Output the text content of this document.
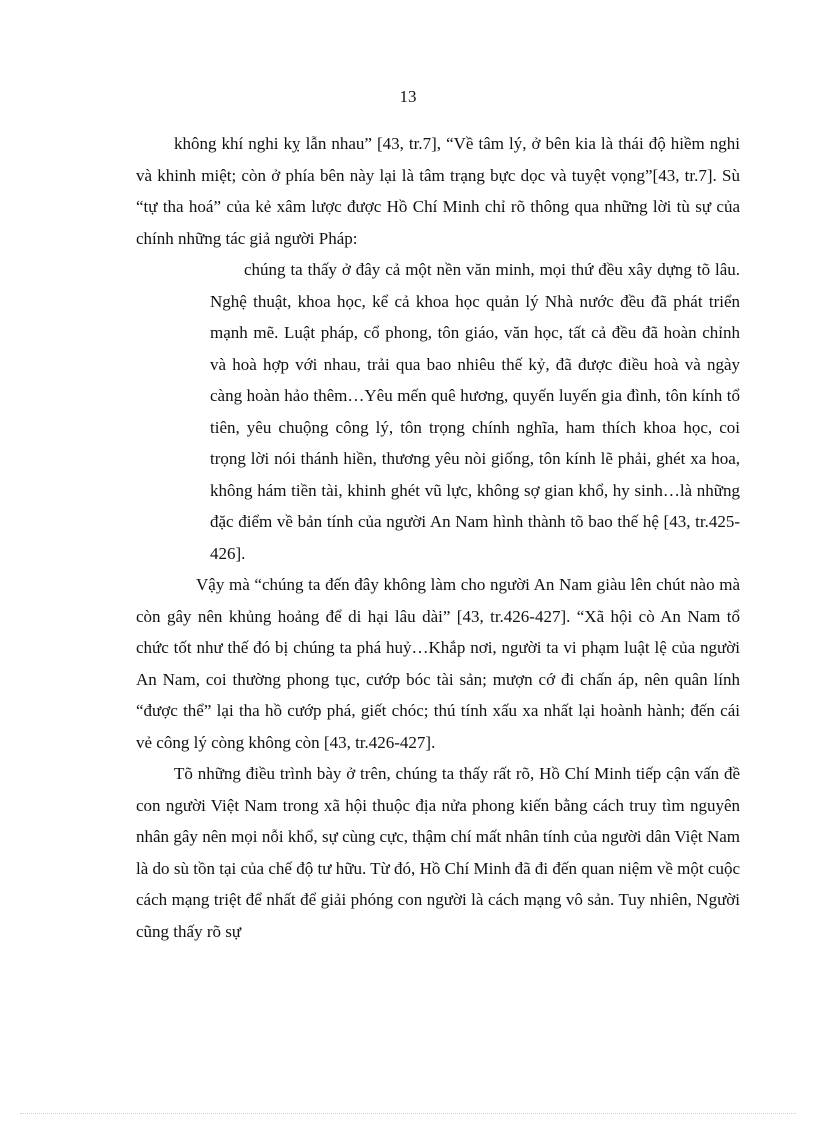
13

không khí nghi kỵ lẫn nhau” [43, tr.7], “Về tâm lý, ở bên kia là thái độ hiềm nghi và khinh miệt; còn ở phía bên này lại là tâm trạng bực dọc và tuyệt vọng”[43, tr.7]. Sù “tự tha hoá” của kẻ xâm lược được Hồ Chí Minh chỉ rõ thông qua những lời tù sự của chính những tác giả người Pháp:

chúng ta thấy ở đây cả một nền văn minh, mọi thứ đều xây dựng tõ lâu. Nghệ thuật, khoa học, kể cả khoa học quản lý Nhà nước đều đã phát triển mạnh mẽ. Luật pháp, cổ phong, tôn giáo, văn học, tất cả đều đã hoàn chỉnh và hoà hợp với nhau, trải qua bao nhiêu thế kỷ, đã được điều hoà và ngày càng hoàn hảo thêm…Yêu mến quê hương, quyến luyến gia đình, tôn kính tổ tiên, yêu chuộng công lý, tôn trọng chính nghĩa, ham thích khoa học, coi trọng lời nói thánh hiền, thương yêu nòi giống, tôn kính lẽ phải, ghét xa hoa, không hám tiền tài, khinh ghét vũ lực, không sợ gian khổ, hy sinh…là những đặc điểm về bản tính của người An Nam hình thành tõ bao thế hệ [43, tr.425-426].

Vậy mà “chúng ta đến đây không làm cho người An Nam giàu lên chút nào mà còn gây nên khủng hoảng để di hại lâu dài” [43, tr.426-427]. “Xã hội cò An Nam tổ chức tốt như thế đó bị chúng ta phá huỷ…Khắp nơi, người ta vi phạm luật lệ của người An Nam, coi thường phong tục, cướp bóc tài sản; mượn cớ đi chấn áp, nên quân lính “được thể” lại tha hồ cướp phá, giết chóc; thú tính xấu xa nhất lại hoành hành; đến cái vẻ công lý còng không còn [43, tr.426-427].

Tõ những điều trình bày ở trên, chúng ta thấy rất rõ, Hồ Chí Minh tiếp cận vấn đề con người Việt Nam trong xã hội thuộc địa nửa phong kiến bằng cách truy tìm nguyên nhân gây nên mọi nỗi khổ, sự cùng cực, thậm chí mất nhân tính của người dân Việt Nam là do sù tồn tại của chế độ tư hữu. Từ đó, Hồ Chí Minh đã đi đến quan niệm về một cuộc cách mạng triệt để nhất để giải phóng con người là cách mạng vô sản. Tuy nhiên, Người cũng thấy rõ sự
